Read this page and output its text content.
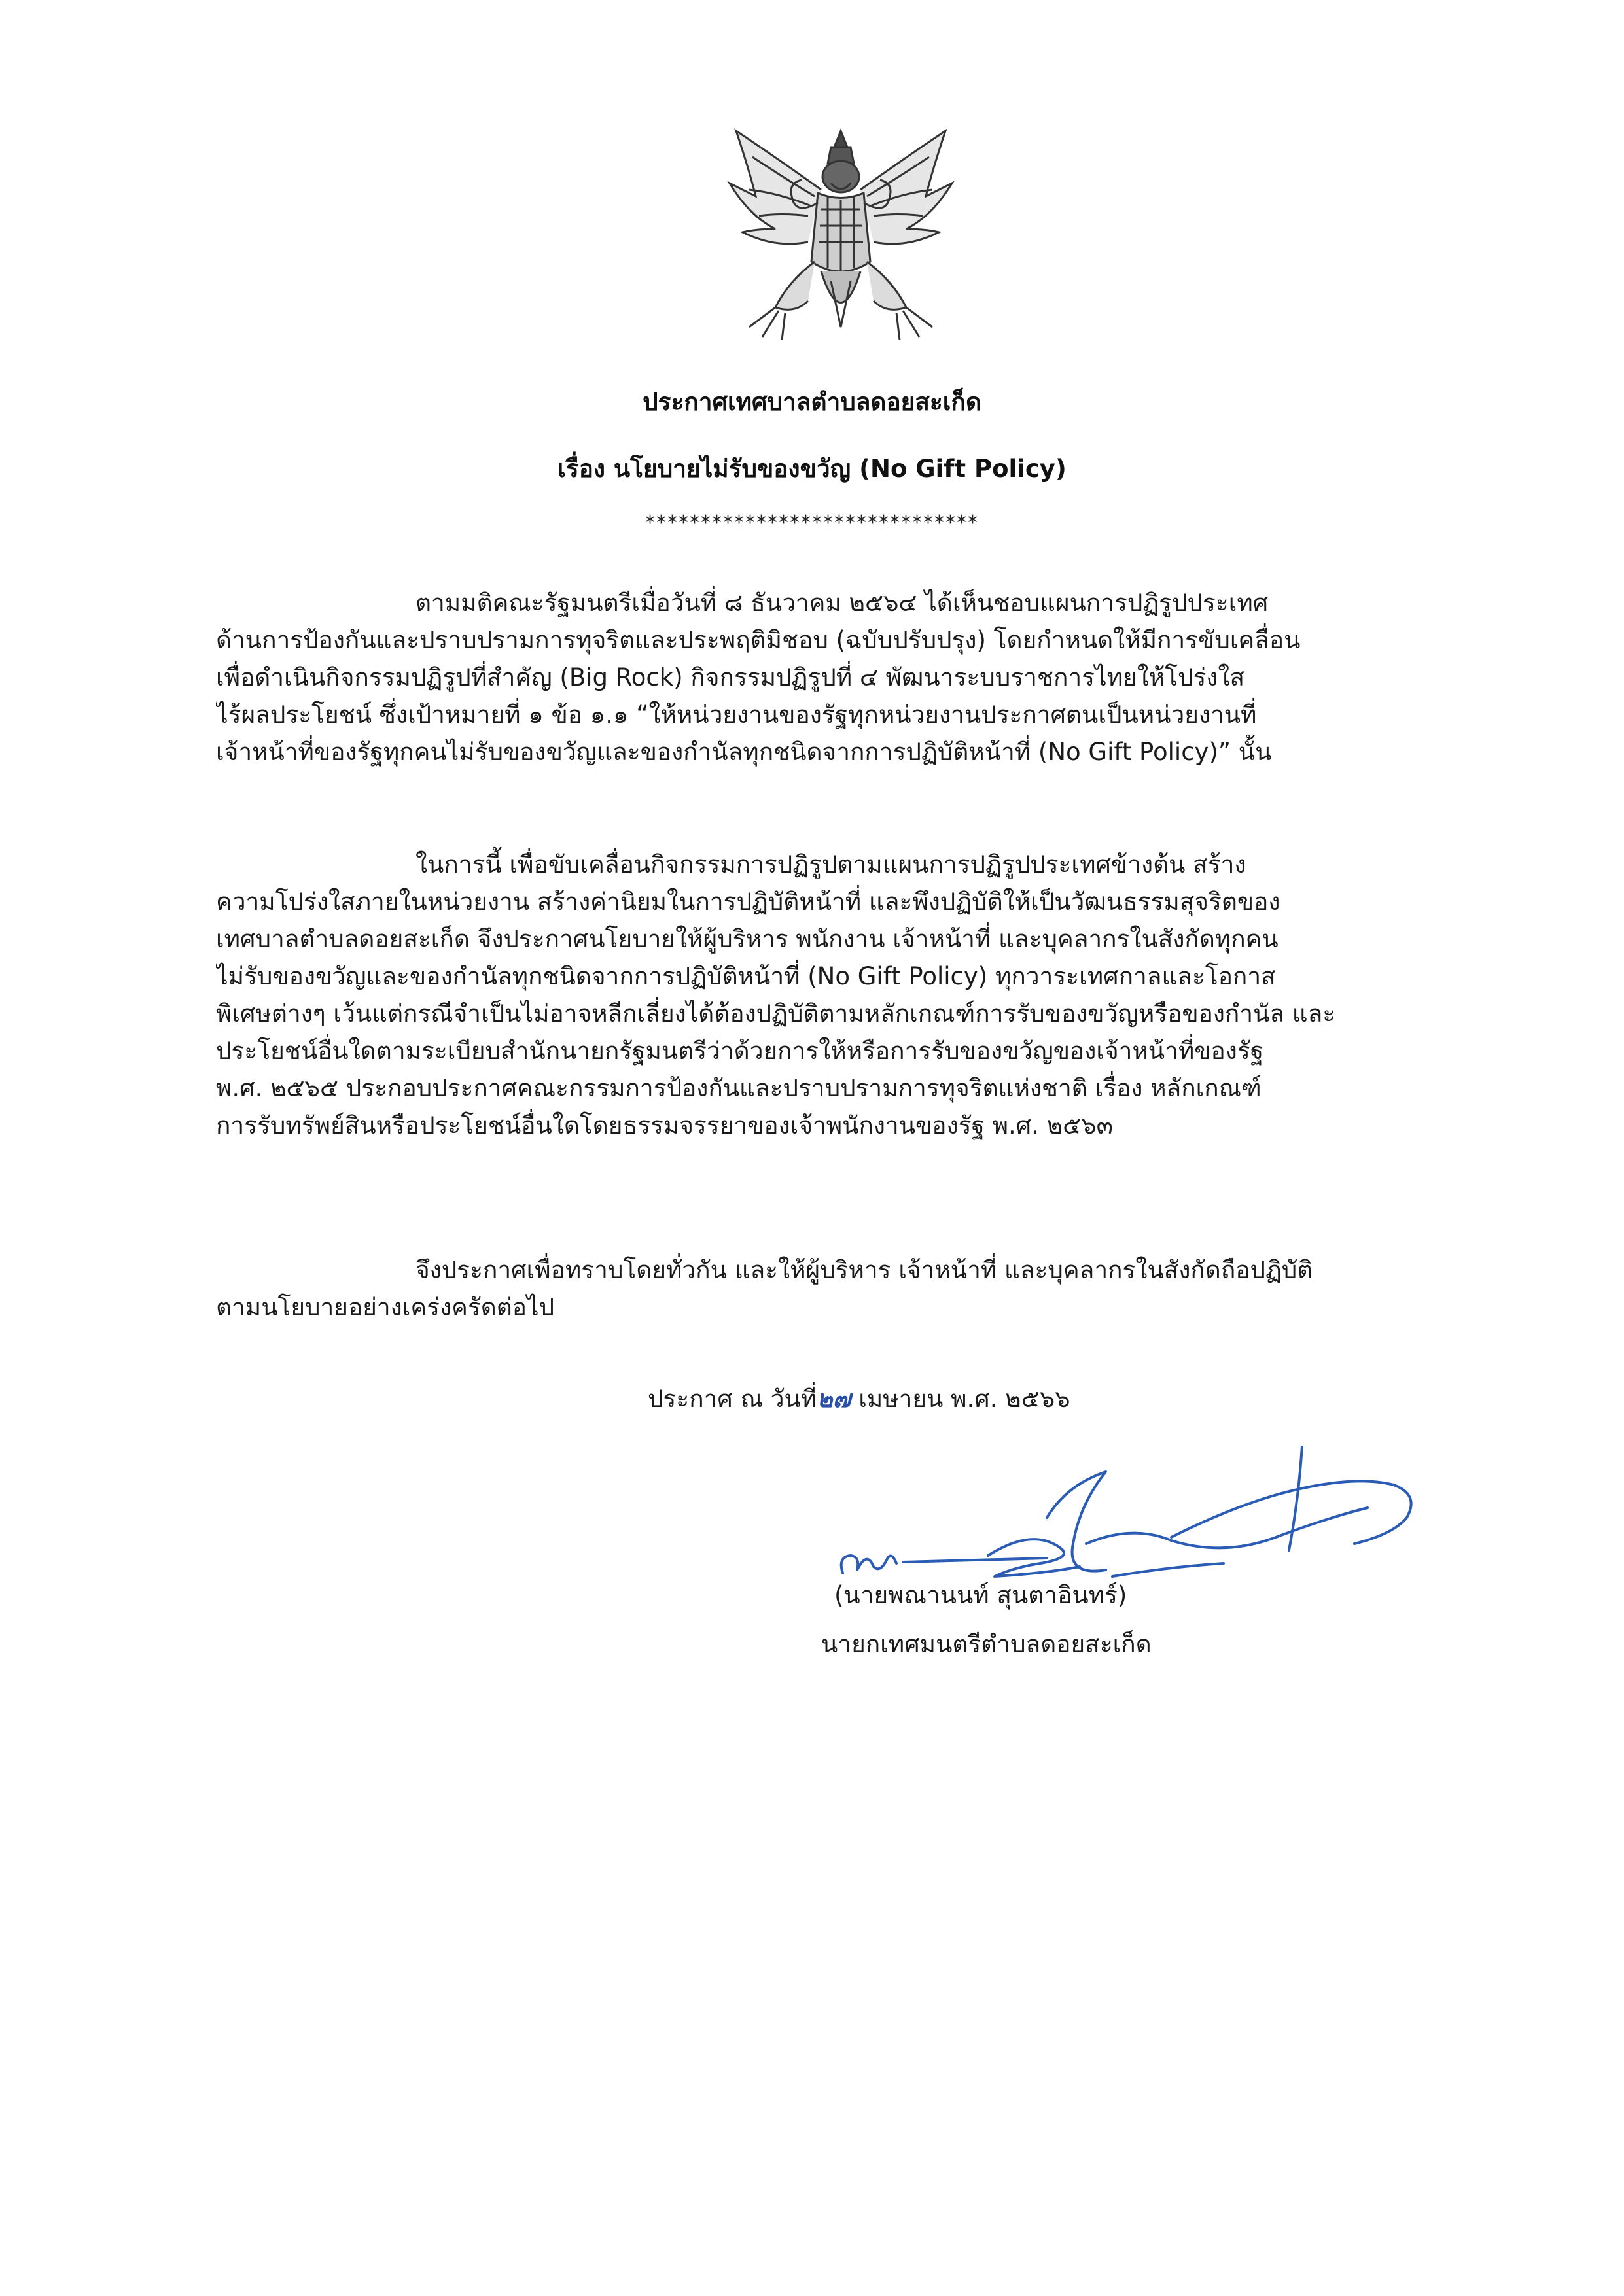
ประกาศเทศบาลตำบลดอยสะเก็ด
เรื่อง นโยบายไม่รับของขวัญ (No Gift Policy)
******************************
ตามมติคณะรัฐมนตรีเมื่อวันที่ ๘ ธันวาคม ๒๕๖๔ ได้เห็นชอบแผนการปฏิรูปประเทศ
ด้านการป้องกันและปราบปรามการทุจริตและประพฤติมิชอบ (ฉบับปรับปรุง) โดยกำหนดให้มีการขับเคลื่อน
เพื่อดำเนินกิจกรรมปฏิรูปที่สำคัญ (Big Rock) กิจกรรมปฏิรูปที่ ๔ พัฒนาระบบราชการไทยให้โปร่งใส
ไร้ผลประโยชน์ ซึ่งเป้าหมายที่ ๑ ข้อ ๑.๑ “ให้หน่วยงานของรัฐทุกหน่วยงานประกาศตนเป็นหน่วยงานที่
เจ้าหน้าที่ของรัฐทุกคนไม่รับของขวัญและของกำนัลทุกชนิดจากการปฏิบัติหน้าที่ (No Gift Policy)” นั้น
ในการนี้ เพื่อขับเคลื่อนกิจกรรมการปฏิรูปตามแผนการปฏิรูปประเทศข้างต้น สร้าง
ความโปร่งใสภายในหน่วยงาน สร้างค่านิยมในการปฏิบัติหน้าที่ และพึงปฏิบัติให้เป็นวัฒนธรรมสุจริตของ
เทศบาลตำบลดอยสะเก็ด จึงประกาศนโยบายให้ผู้บริหาร พนักงาน เจ้าหน้าที่ และบุคลากรในสังกัดทุกคน
ไม่รับของขวัญและของกำนัลทุกชนิดจากการปฏิบัติหน้าที่ (No Gift Policy) ทุกวาระเทศกาลและโอกาส
พิเศษต่างๆ เว้นแต่กรณีจำเป็นไม่อาจหลีกเลี่ยงได้ต้องปฏิบัติตามหลักเกณฑ์การรับของขวัญหรือของกำนัล และ
ประโยชน์อื่นใดตามระเบียบสำนักนายกรัฐมนตรีว่าด้วยการให้หรือการรับของขวัญของเจ้าหน้าที่ของรัฐ
พ.ศ. ๒๕๖๕ ประกอบประกาศคณะกรรมการป้องกันและปราบปรามการทุจริตแห่งชาติ เรื่อง หลักเกณฑ์
การรับทรัพย์สินหรือประโยชน์อื่นใดโดยธรรมจรรยาของเจ้าพนักงานของรัฐ พ.ศ. ๒๕๖๓
จึงประกาศเพื่อทราบโดยทั่วกัน และให้ผู้บริหาร เจ้าหน้าที่ และบุคลากรในสังกัดถือปฏิบัติ
ตามนโยบายอย่างเคร่งครัดต่อไป
ประกาศ ณ วันที่๒๗ เมษายน พ.ศ. ๒๕๖๖
(นายพณานนท์ สุนตาอินทร์)
นายกเทศมนตรีตำบลดอยสะเก็ด
